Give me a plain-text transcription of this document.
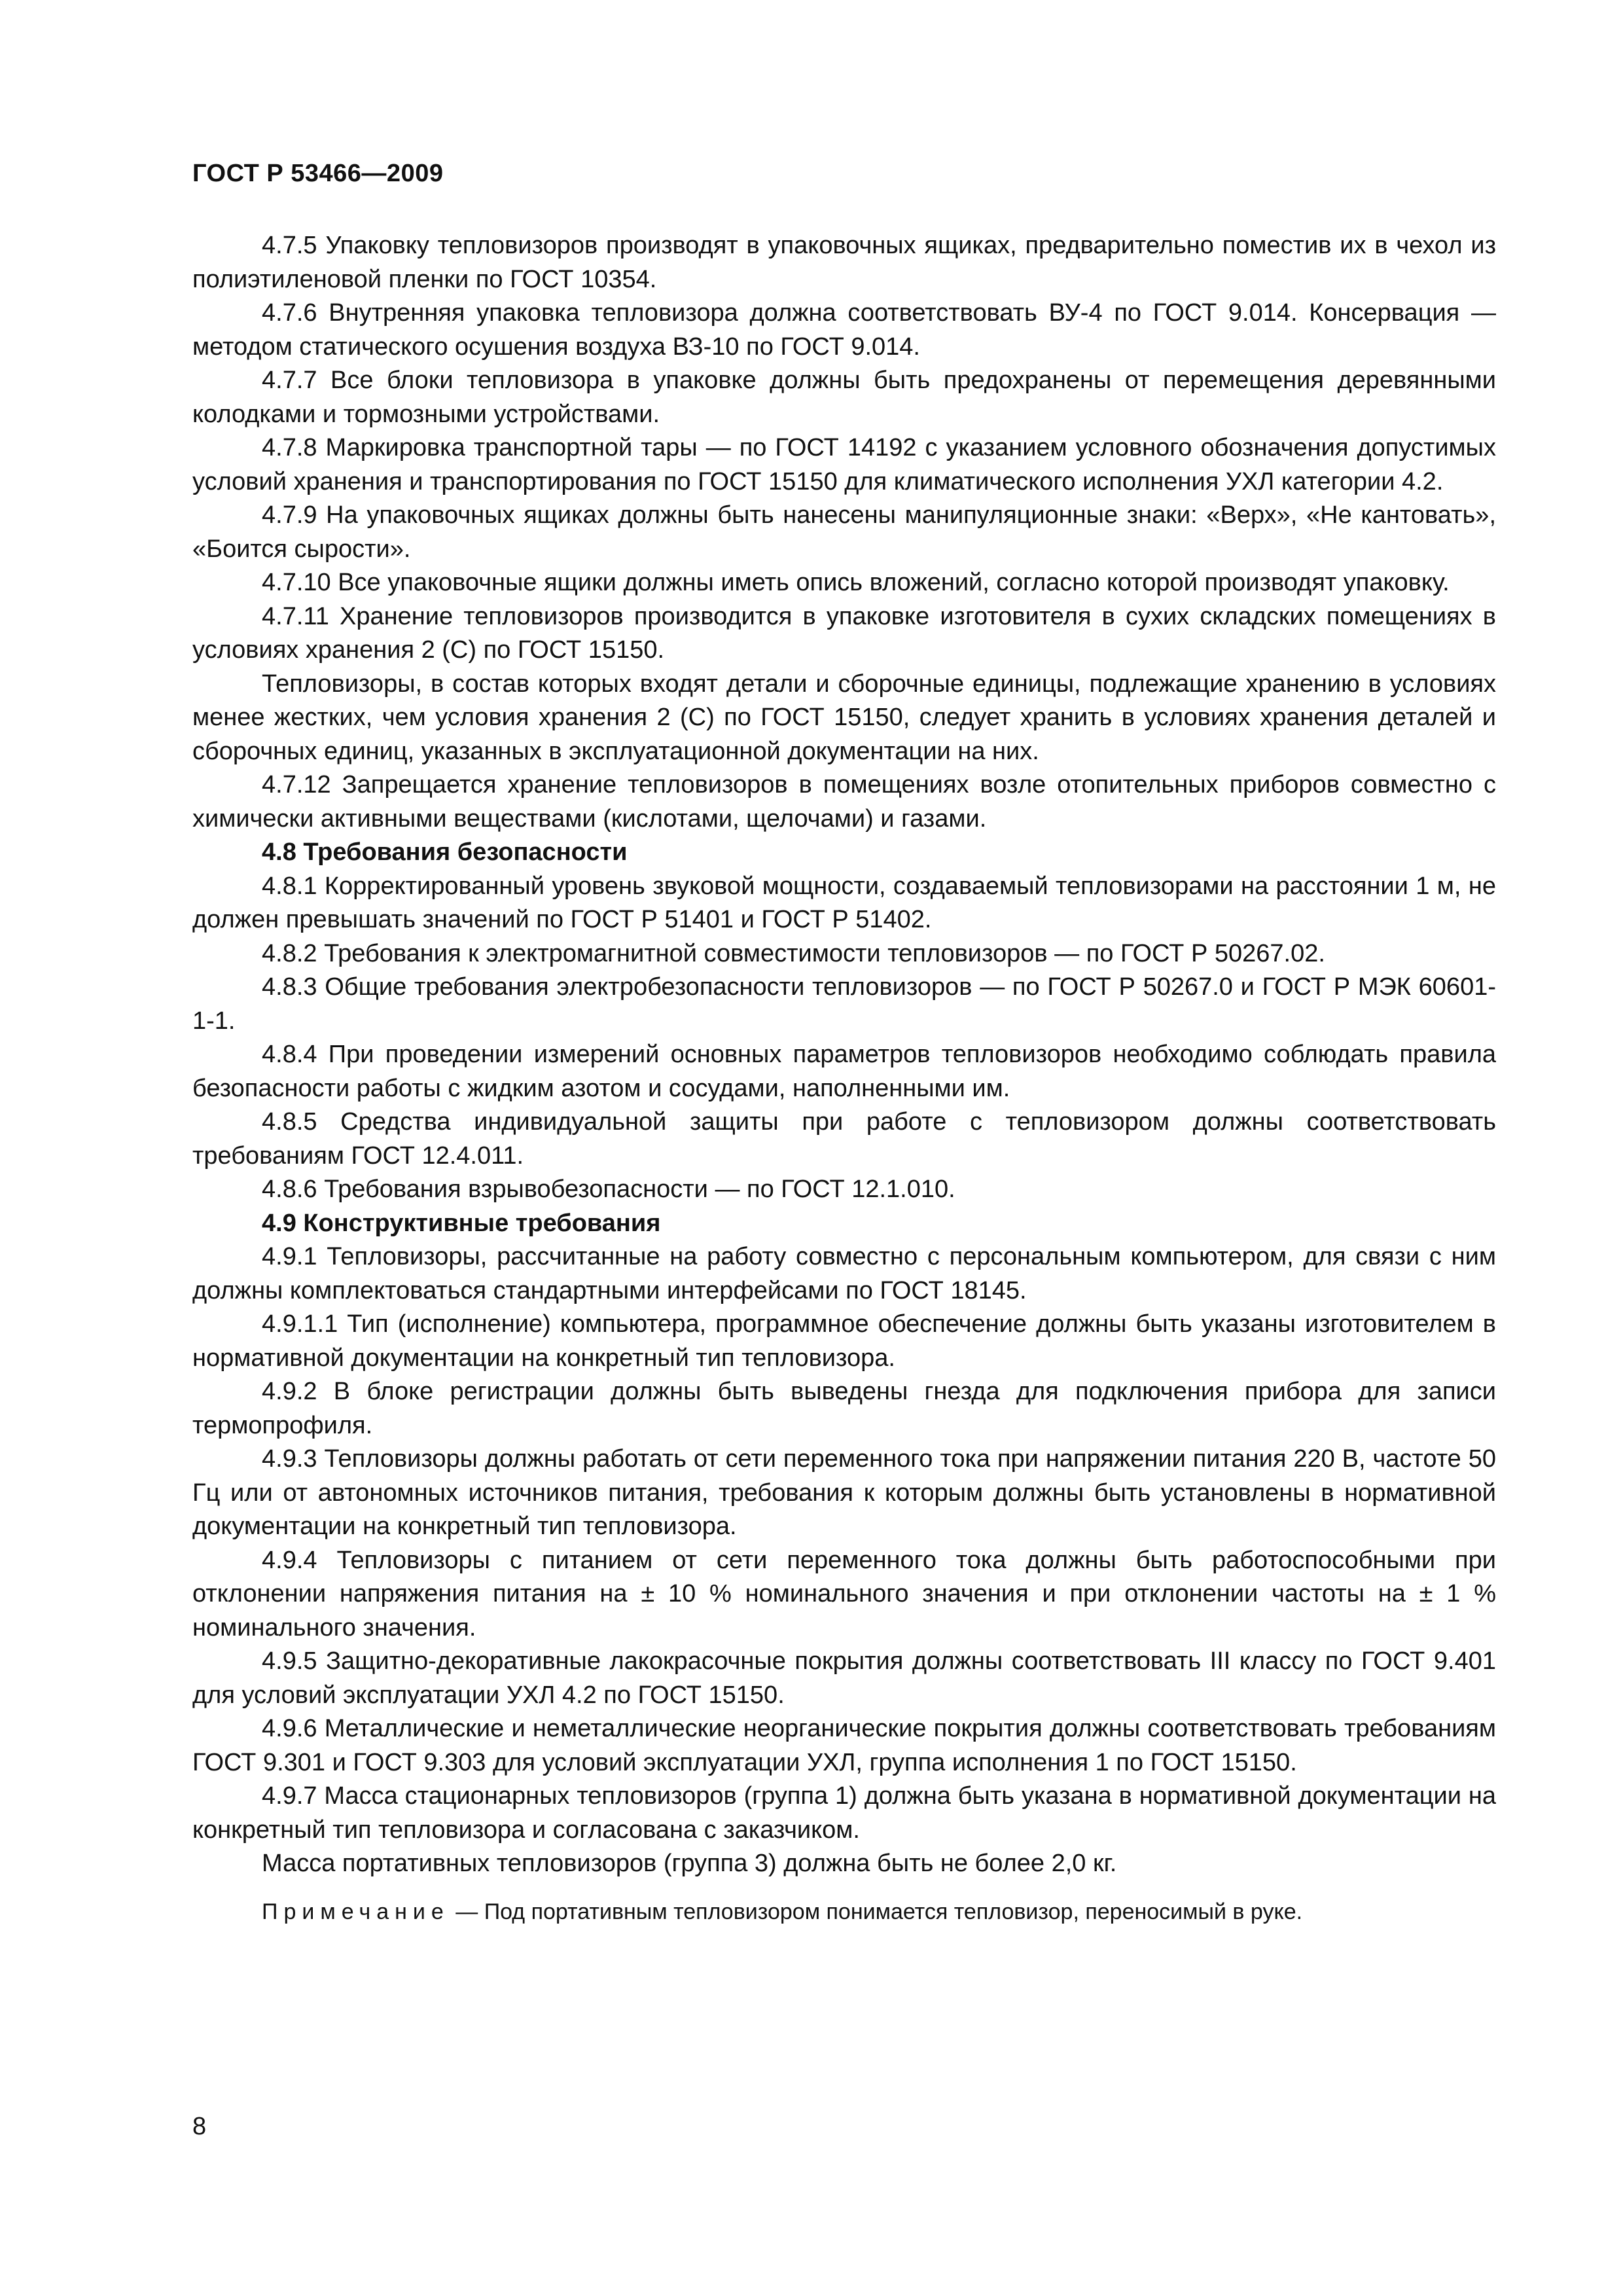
ГОСТ Р 53466—2009

4.7.5 Упаковку тепловизоров производят в упаковочных ящиках, предварительно поместив их в чехол из полиэтиленовой пленки по ГОСТ 10354.

4.7.6 Внутренняя упаковка тепловизора должна соответствовать ВУ-4 по ГОСТ 9.014. Консервация — методом статического осушения воздуха ВЗ-10 по ГОСТ 9.014.

4.7.7 Все блоки тепловизора в упаковке должны быть предохранены от перемещения деревянными колодками и тормозными устройствами.

4.7.8 Маркировка транспортной тары — по ГОСТ 14192 с указанием условного обозначения допустимых условий хранения и транспортирования по ГОСТ 15150 для климатического исполнения УХЛ категории 4.2.

4.7.9 На упаковочных ящиках должны быть нанесены манипуляционные знаки: «Верх», «Не кантовать», «Боится сырости».

4.7.10 Все упаковочные ящики должны иметь опись вложений, согласно которой производят упаковку.

4.7.11 Хранение тепловизоров производится в упаковке изготовителя в сухих складских помещениях в условиях хранения 2 (С) по ГОСТ 15150.

Тепловизоры, в состав которых входят детали и сборочные единицы, подлежащие хранению в условиях менее жестких, чем условия хранения 2 (С) по ГОСТ 15150, следует хранить в условиях хранения деталей и сборочных единиц, указанных в эксплуатационной документации на них.

4.7.12 Запрещается хранение тепловизоров в помещениях возле отопительных приборов совместно с химически активными веществами (кислотами, щелочами) и газами.

4.8 Требования безопасности

4.8.1 Корректированный уровень звуковой мощности, создаваемый тепловизорами на расстоянии 1 м, не должен превышать значений по ГОСТ Р 51401 и ГОСТ Р 51402.

4.8.2 Требования к электромагнитной совместимости тепловизоров — по ГОСТ Р 50267.02.

4.8.3 Общие требования электробезопасности тепловизоров — по ГОСТ Р 50267.0 и ГОСТ Р МЭК 60601-1-1.

4.8.4 При проведении измерений основных параметров тепловизоров необходимо соблюдать правила безопасности работы с жидким азотом и сосудами, наполненными им.

4.8.5 Средства индивидуальной защиты при работе с тепловизором должны соответствовать требованиям ГОСТ 12.4.011.

4.8.6 Требования взрывобезопасности — по ГОСТ 12.1.010.

4.9 Конструктивные требования

4.9.1 Тепловизоры, рассчитанные на работу совместно с персональным компьютером, для связи с ним должны комплектоваться стандартными интерфейсами по ГОСТ 18145.

4.9.1.1 Тип (исполнение) компьютера, программное обеспечение должны быть указаны изготовителем в нормативной документации на конкретный тип тепловизора.

4.9.2 В блоке регистрации должны быть выведены гнезда для подключения прибора для записи термопрофиля.

4.9.3 Тепловизоры должны работать от сети переменного тока при напряжении питания 220 В, частоте 50 Гц или от автономных источников питания, требования к которым должны быть установлены в нормативной документации на конкретный тип тепловизора.

4.9.4 Тепловизоры с питанием от сети переменного тока должны быть работоспособными при отклонении напряжения питания на ± 10 % номинального значения и при отклонении частоты на ± 1 % номинального значения.

4.9.5 Защитно-декоративные лакокрасочные покрытия должны соответствовать III классу по ГОСТ 9.401 для условий эксплуатации УХЛ 4.2 по ГОСТ 15150.

4.9.6 Металлические и неметаллические неорганические покрытия должны соответствовать требованиям ГОСТ 9.301 и ГОСТ 9.303 для условий эксплуатации УХЛ, группа исполнения 1 по ГОСТ 15150.

4.9.7 Масса стационарных тепловизоров (группа 1) должна быть указана в нормативной документации на конкретный тип тепловизора и согласована с заказчиком.

Масса портативных тепловизоров (группа 3) должна быть не более 2,0 кг.

Примечание — Под портативным тепловизором понимается тепловизор, переносимый в руке.

8
